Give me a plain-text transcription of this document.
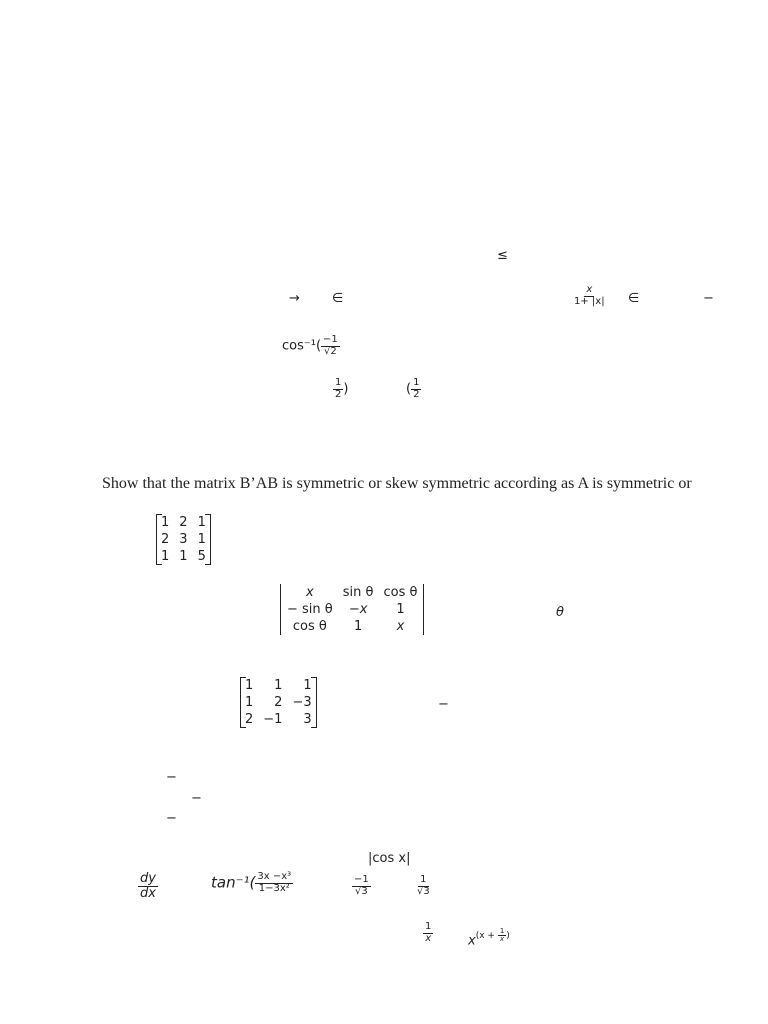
≤
→ ∈	$\frac{x}{1+ |x|}$ ∈	−
$\cos^{-1}( \frac{-1}{√2}$
$\frac{1}{2}$ )	( $\frac{1}{2}$
Show that the matrix B’AB is symmetric or skew symmetric according as A is symmetric or
1	2	1
2	3	1
1	1	5
x	sin θ	cos θ
− sin θ	−x	1
cos θ	1	x
θ
1	1	1
1	2	−3
2	−1	3
−
−
−
−
|cos x|
$\frac{dy}{dx}$	$\tan^{-1}( \frac{\text{3x −x³}}{\text{1−3x²}}$	$\frac{-1}{√3}$	$\frac{1}{√3}$
$\frac{1}{x}$	$x^{(x + \frac{1}{x} )}$
